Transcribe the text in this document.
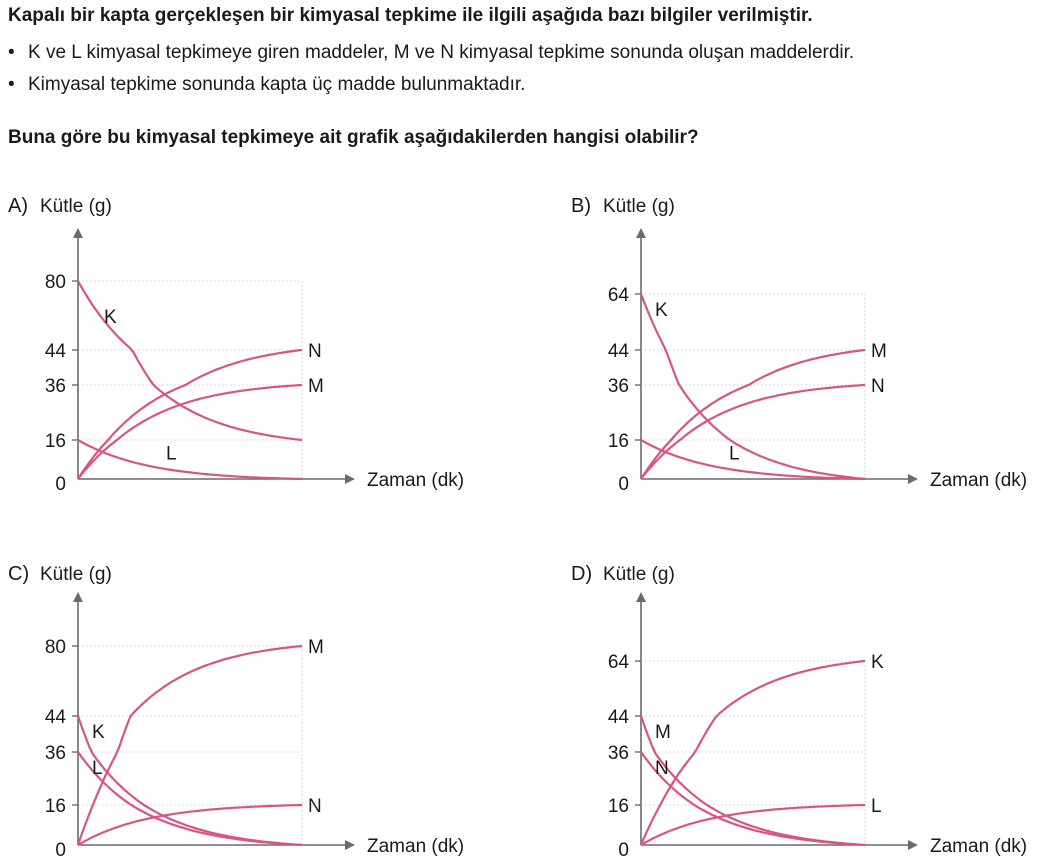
Kapalı bir kapta gerçekleşen bir kimyasal tepkime ile ilgili aşağıda bazı bilgiler verilmiştir.

• K ve L kimyasal tepkimeye giren maddeler, M ve N kimyasal tepkime sonunda oluşan maddelerdir.
• Kimyasal tepkime sonunda kapta üç madde bulunmaktadır.

Buna göre bu kimyasal tepkimeye ait grafik aşağıdakilerden hangisi olabilir?

0
16
36
44
80
A) Kütle (g)
Zaman (dk)
K
L
N
M
0
16
36
44
64
B) Kütle (g)
Zaman (dk)
K
L
M
N
0
16
36
44
80
C) Kütle (g)
Zaman (dk)
K
L
M
N
0
16
36
44
64
D) Kütle (g)
Zaman (dk)
M
N
K
L
